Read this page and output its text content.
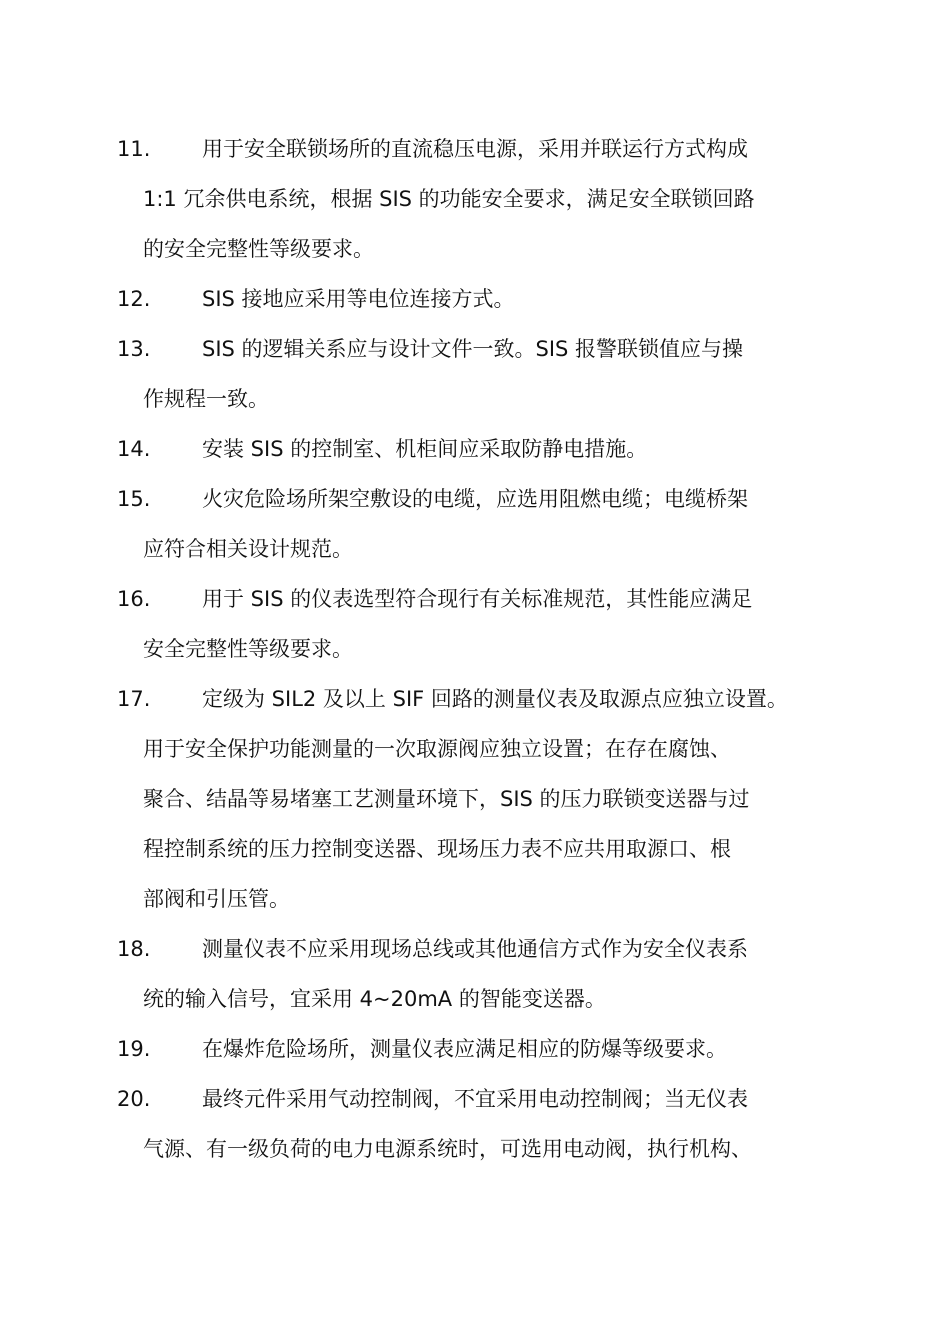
11.	用于安全联锁场所的直流稳压电源，采用并联运行方式构成

1:1 冗余供电系统，根据 SIS 的功能安全要求，满足安全联锁回路

的安全完整性等级要求。

12.	SIS 接地应采用等电位连接方式。

13.	SIS 的逻辑关系应与设计文件一致。SIS 报警联锁值应与操

作规程一致。

14.	安装 SIS 的控制室、机柜间应采取防静电措施。

15.	火灾危险场所架空敷设的电缆，应选用阻燃电缆；电缆桥架

应符合相关设计规范。

16.	用于 SIS 的仪表选型符合现行有关标准规范，其性能应满足

安全完整性等级要求。

17.	定级为 SIL2 及以上 SIF 回路的测量仪表及取源点应独立设置。

用于安全保护功能测量的一次取源阀应独立设置；在存在腐蚀、

聚合、结晶等易堵塞工艺测量环境下，SIS 的压力联锁变送器与过

程控制系统的压力控制变送器、现场压力表不应共用取源口、根

部阀和引压管。

18.	测量仪表不应采用现场总线或其他通信方式作为安全仪表系

统的输入信号，宜采用 4~20mA 的智能变送器。

19.	在爆炸危险场所，测量仪表应满足相应的防爆等级要求。

20.	最终元件采用气动控制阀，不宜采用电动控制阀；当无仪表

气源、有一级负荷的电力电源系统时，可选用电动阀，执行机构、
